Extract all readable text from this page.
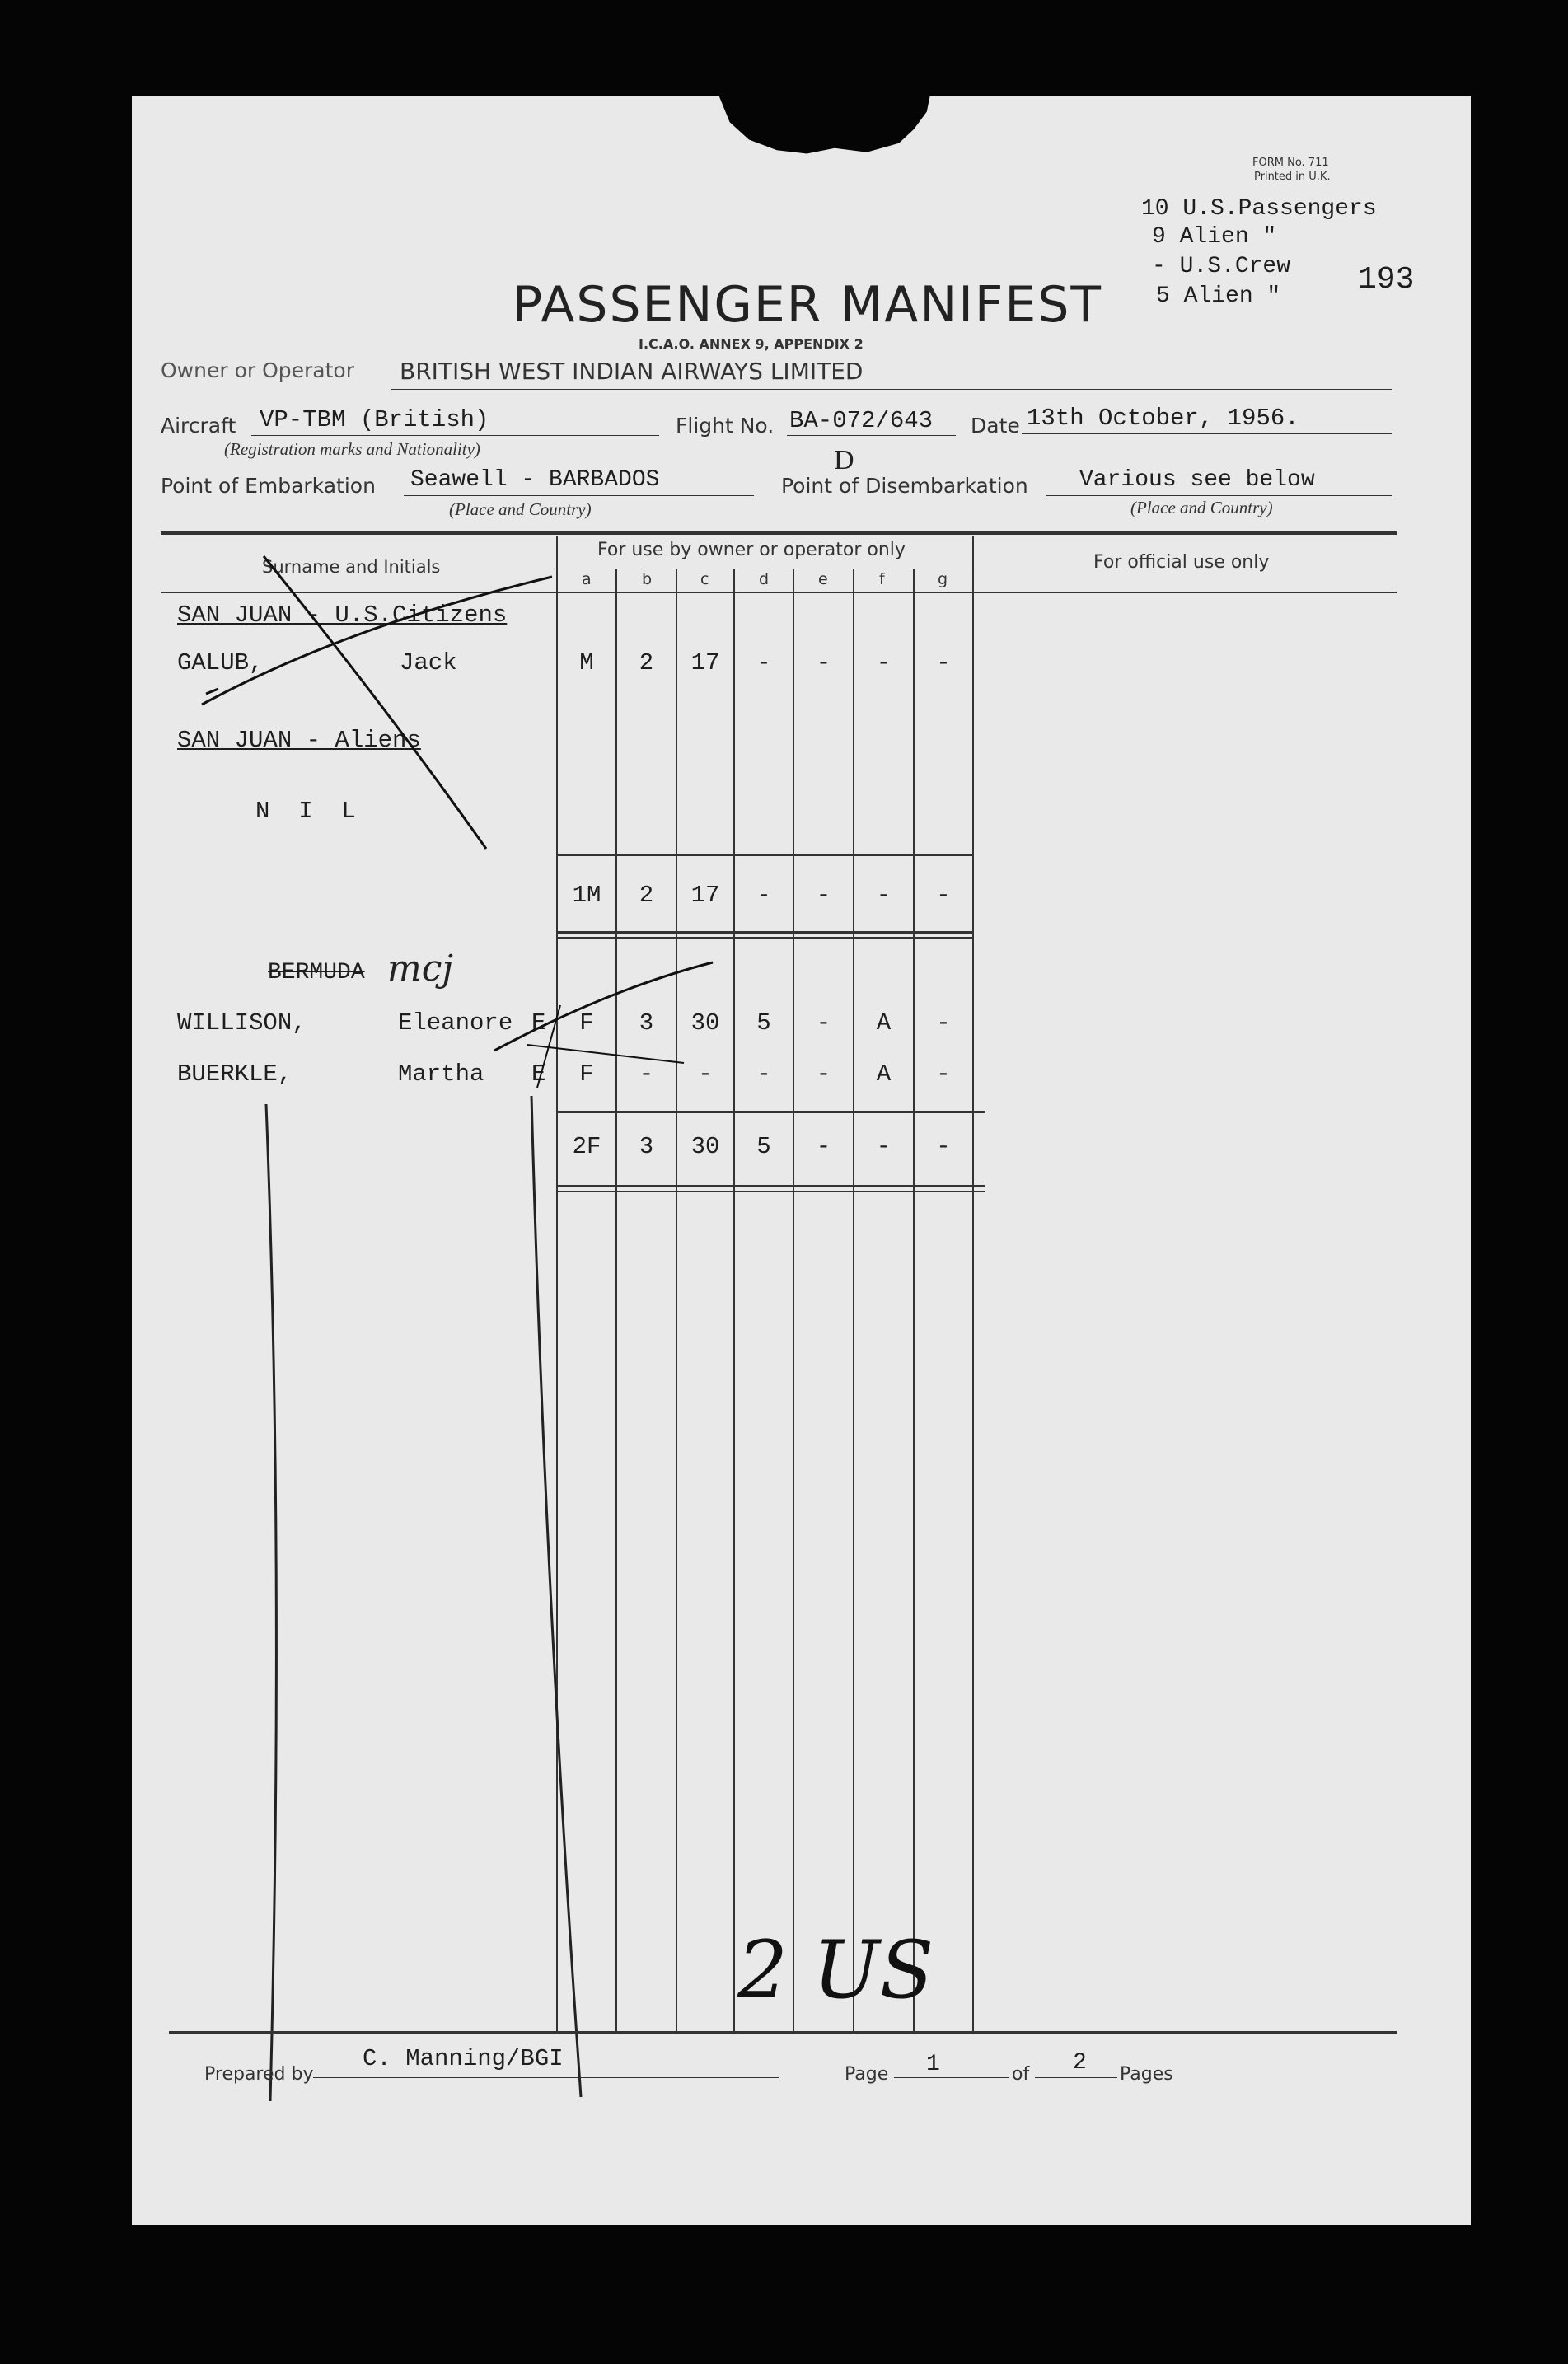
FORM No. 711
Printed in U.K.
10 U.S.Passengers
9 Alien "
- U.S.Crew
5 Alien " 193
PASSENGER MANIFEST
I.C.A.O. ANNEX 9, APPENDIX 2
Owner or Operator BRITISH WEST INDIAN AIRWAYS LIMITED
Aircraft VP-TBM (British)
(Registration marks and Nationality)
Flight No. BA-072/643 Date 13th October, 1956.
Point of Embarkation Seawell - BARBADOS
(Place and Country)
Point of Disembarkation
D
Various see below
(Place and Country)
Surname and Initials
For use by owner or operator only
For official use only
a	b	c	d	e	f	g
SAN JUAN - U.S.Citizens
GALUB,	Jack	M	2	17	-	-	-	-
SAN JUAN - Aliens
N  I  L
1M	2	17	-	-	-	-
BERMUDA mcj
WILLISON,	Eleanore E	F	3	30	5	-	A	-
BUERKLE,	Martha E	F	-	-	-	-	A	-
2F	3	30	5	-	-	-
2 US
Prepared by
C. Manning/BGI
Page 1	of 2 Pages
